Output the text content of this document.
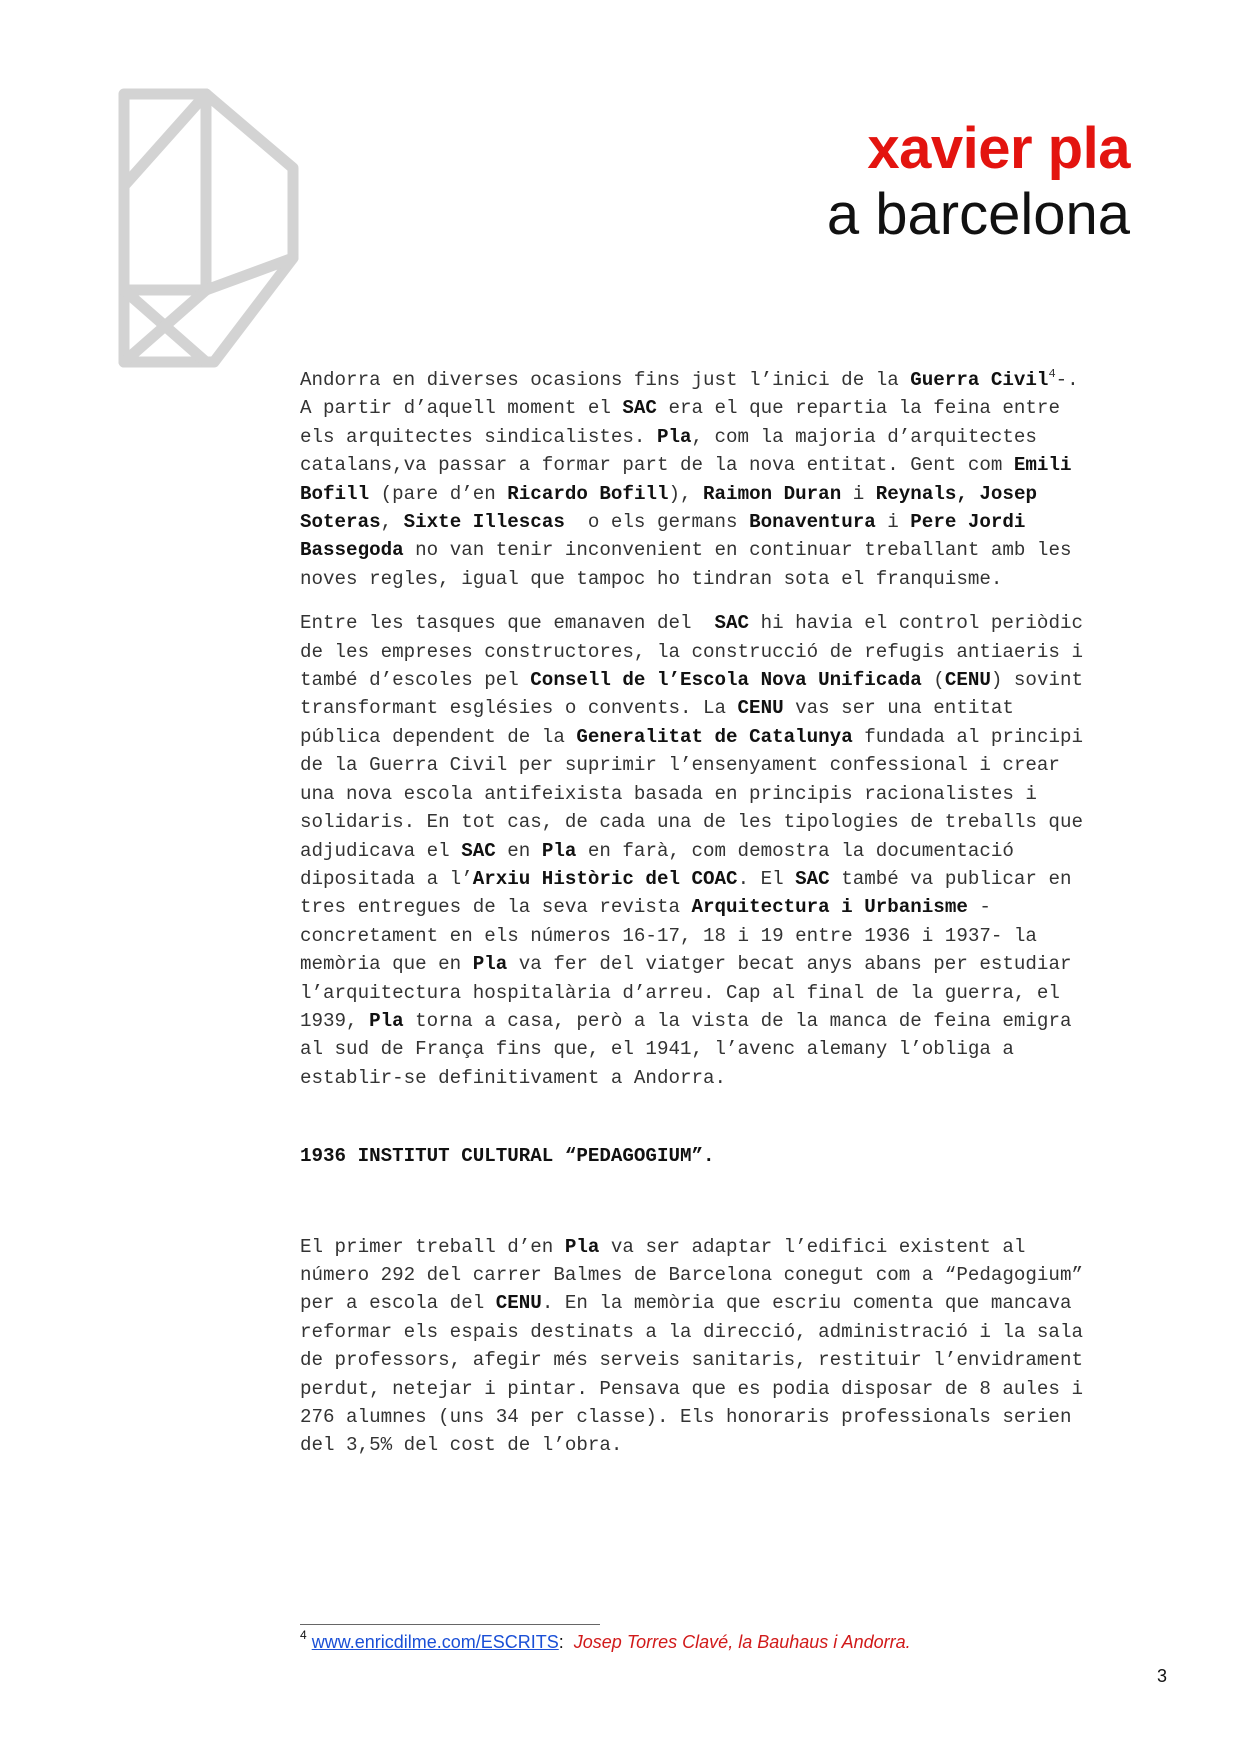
xavier pla
a barcelona

Andorra en diverses ocasions fins just l’inici de la Guerra Civil$^4$-.
A partir d’aquell moment el SAC era el que repartia la feina entre
els arquitectes sindicalistes. Pla, com la majoria d’arquitectes
catalans,va passar a formar part de la nova entitat. Gent com Emili
Bofill (pare d’en Ricardo Bofill), Raimon Duran i Reynals, Josep
Soteras, Sixte Illescas  o els germans Bonaventura i Pere Jordi
Bassegoda no van tenir inconvenient en continuar treballant amb les
noves regles, igual que tampoc ho tindran sota el franquisme.

Entre les tasques que emanaven del  SAC hi havia el control periòdic
de les empreses constructores, la construcció de refugis antiaeris i
també d’escoles pel Consell de l’Escola Nova Unificada (CENU) sovint
transformant esglésies o convents. La CENU vas ser una entitat
pública dependent de la Generalitat de Catalunya fundada al principi
de la Guerra Civil per suprimir l’ensenyament confessional i crear
una nova escola antifeixista basada en principis racionalistes i
solidaris. En tot cas, de cada una de les tipologies de treballs que
adjudicava el SAC en Pla en farà, com demostra la documentació
dipositada a l’Arxiu Històric del COAC. El SAC també va publicar en
tres entregues de la seva revista Arquitectura i Urbanisme -
concretament en els números 16-17, 18 i 19 entre 1936 i 1937- la
memòria que en Pla va fer del viatger becat anys abans per estudiar
l’arquitectura hospitalària d’arreu. Cap al final de la guerra, el
1939, Pla torna a casa, però a la vista de la manca de feina emigra
al sud de França fins que, el 1941, l’avenc alemany l’obliga a
establir-se definitivament a Andorra.

1936 INSTITUT CULTURAL “PEDAGOGIUM”.

El primer treball d’en Pla va ser adaptar l’edifici existent al
número 292 del carrer Balmes de Barcelona conegut com a “Pedagogium”
per a escola del CENU. En la memòria que escriu comenta que mancava
reformar els espais destinats a la direcció, administració i la sala
de professors, afegir més serveis sanitaris, restituir l’envidrament
perdut, netejar i pintar. Pensava que es podia disposar de 8 aules i
276 alumnes (uns 34 per classe). Els honoraris professionals serien
del 3,5% del cost de l’obra.

$^4$ www.enricdilme.com/ESCRITS:  Josep Torres Clavé, la Bauhaus i Andorra.
3
